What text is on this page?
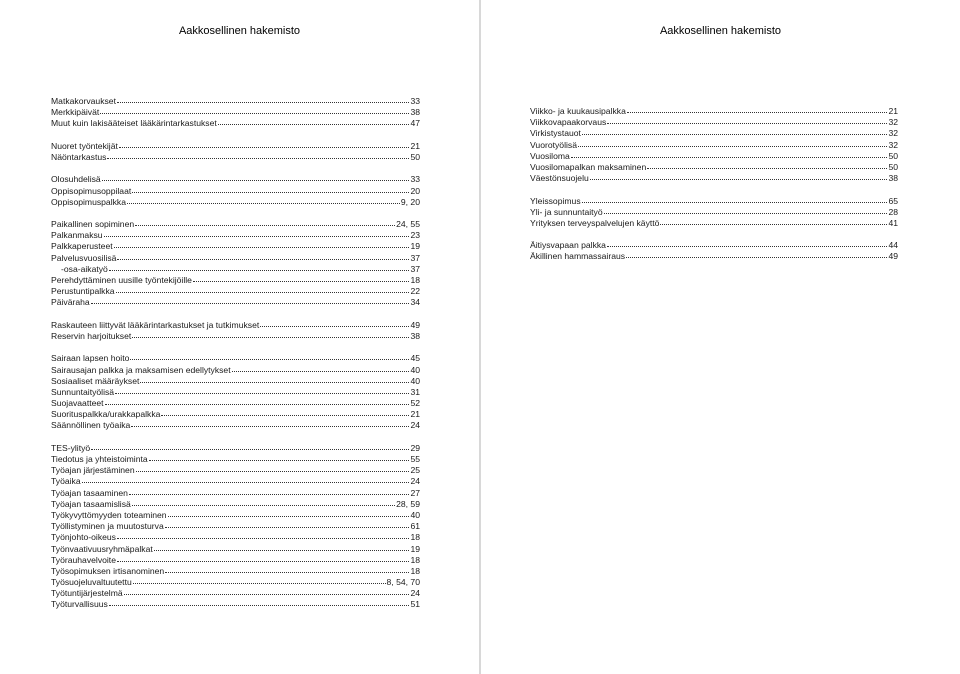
Aakkosellinen hakemisto
Matkakorvaukset	33
Merkkipäivät	38
Muut kuin lakisääteiset lääkärintarkastukset	47
Nuoret työntekijät	21
Näöntarkastus	50
Olosuhdelisä	33
Oppisopimusoppilaat	20
Oppisopimuspalkka	9, 20
Paikallinen sopiminen	24, 55
Palkanmaksu	23
Palkkaperusteet	19
Palvelusvuosilisä	37
-osa-aikatyö	37
Perehdyttäminen uusille työntekijöille	18
Perustuntipalkka	22
Päiväraha	34
Raskauteen liittyvät lääkärintarkastukset ja tutkimukset	49
Reservin harjoitukset	38
Sairaan lapsen hoito	45
Sairausajan palkka ja maksamisen edellytykset	40
Sosiaaliset määräykset	40
Sunnuntaityölisä	31
Suojavaatteet	52
Suorituspalkka/urakkapalkka	21
Säännöllinen työaika	24
TES-ylityö	29
Tiedotus ja yhteistoiminta	55
Työajan järjestäminen	25
Työaika	24
Työajan tasaaminen	27
Työajan tasaamislisä	28, 59
Työkyvyttömyyden toteaminen	40
Työllistyminen ja muutosturva	61
Työnjohto-oikeus	18
Työnvaativuusryhmäpalkat	19
Työrauhavelvoite	18
Työsopimuksen irtisanominen	18
Työsuojeluvaltuutettu	8, 54, 70
Työtuntijärjestelmä	24
Työturvallisuus	51
Aakkosellinen hakemisto
Viikko- ja kuukausipalkka	21
Viikkovapaakorvaus	32
Virkistystauot	32
Vuorotyölisä	32
Vuosiloma	50
Vuosilomapalkan maksaminen	50
Väestönsuojelu	38
Yleissopimus	65
Yli- ja sunnuntaityö	28
Yrityksen terveyspalvelujen käyttö	41
Äitiysvapaan palkka	44
Äkillinen hammassairaus	49
